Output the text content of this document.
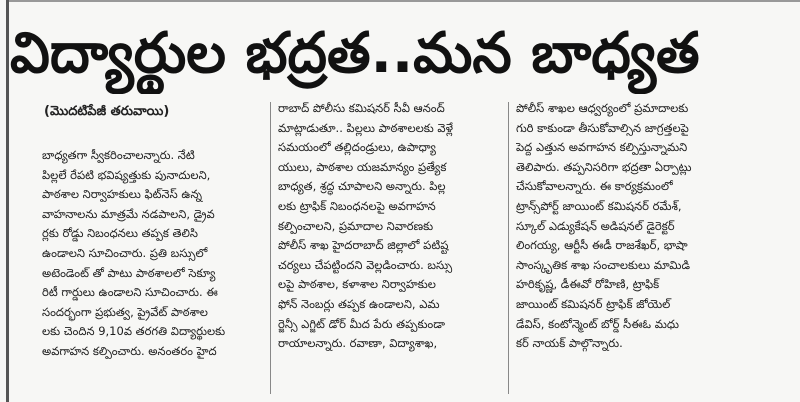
విద్యార్థుల భద్రత..మన బాధ్యత
(మొదటిపేజీ తరువాయి)
బాధ్యతగా స్వీకరించాలన్నారు. నేటి
పిల్లలే రేపటి భవిష్యత్తుకు పునాదులని,
పాఠశాల నిర్వాహకులు ఫిట్‌నెస్ ఉన్న
వాహనాలను మాత్రమే నడపాలని, డ్రైవ
ర్లకు రోడ్డు నిబంధనలు తప్పక తెలిసి
ఉండాలని సూచించారు. ప్రతి బస్సులో
అటెండెంట్ తో పాటు పాఠశాలలో సెక్యూ
రిటీ గార్డులు ఉండాలని సూచించారు. ఈ
సందర్భంగా ప్రభుత్వ, ప్రైవేట్ పాఠశాల
లకు చెందిన 9,10వ తరగతి విద్యార్థులకు
అవగాహన కల్పించారు. అనంతరం హైద
రాబాద్ పోలీసు కమిషనర్ సీవీ ఆనంద్
మాట్లాడుతూ.. పిల్లలు పాఠశాలలకు వెళ్లే
సమయంలో తల్లిదండ్రులు, ఉపాధ్యా
యులు, పాఠశాల యజమాన్యం ప్రత్యేక
బాధ్యత, శ్రద్ధ చూపాలని అన్నారు. పిల్ల
లకు ట్రాఫిక్ నిబంధనలపై అవగాహన
కల్పించాలని, ప్రమాదాల నివారణకు
పోలీస్ శాఖ హైదరాబాద్ జిల్లాలో పటిష్ట
చర్యలు చేపట్టిందని వెల్లడించారు. బస్సు
లపై పాఠశాల, కళాశాల నిర్వాహకుల
ఫోన్ నెంబర్లు తప్పక ఉండాలని, ఎమ
ర్జెన్సీ ఎగ్జిట్ డోర్ మీద పేరు తప్పకుండా
రాయాలన్నారు. రవాణా, విద్యాశాఖ,
పోలీస్ శాఖల ఆధ్వర్యంలో ప్రమాదాలకు
గురి కాకుండా తీసుకోవాల్సిన జాగ్రత్తలపై
పెద్ద ఎత్తున అవగాహన కల్పిస్తున్నామని
తెలిపారు. తప్పనిసరిగా భద్రతా ఏర్పాట్లు
చేసుకోవాలన్నారు. ఈ కార్యక్రమంలో
ట్రాన్స్‌పోర్ట్ జాయింట్ కమిషనర్ రమేశ్,
స్కూల్ ఎడ్యుకేషన్ అడిషనల్ డైరెక్టర్
లింగయ్య, ఆర్టీసీ ఈడీ రాజశేఖర్, భాషా
సాంస్కృతిక శాఖ సంచాలకులు మామిడి
హరికృష్ణ, డీఈవో రోహిణి, ట్రాఫిక్
జాయింట్ కమిషనర్ ట్రాఫిక్ జోయెల్
డేవిస్, కంటోన్మెంట్ బోర్డ్ సీఈఓ మధు
కర్ నాయక్ పాల్గొన్నారు.
